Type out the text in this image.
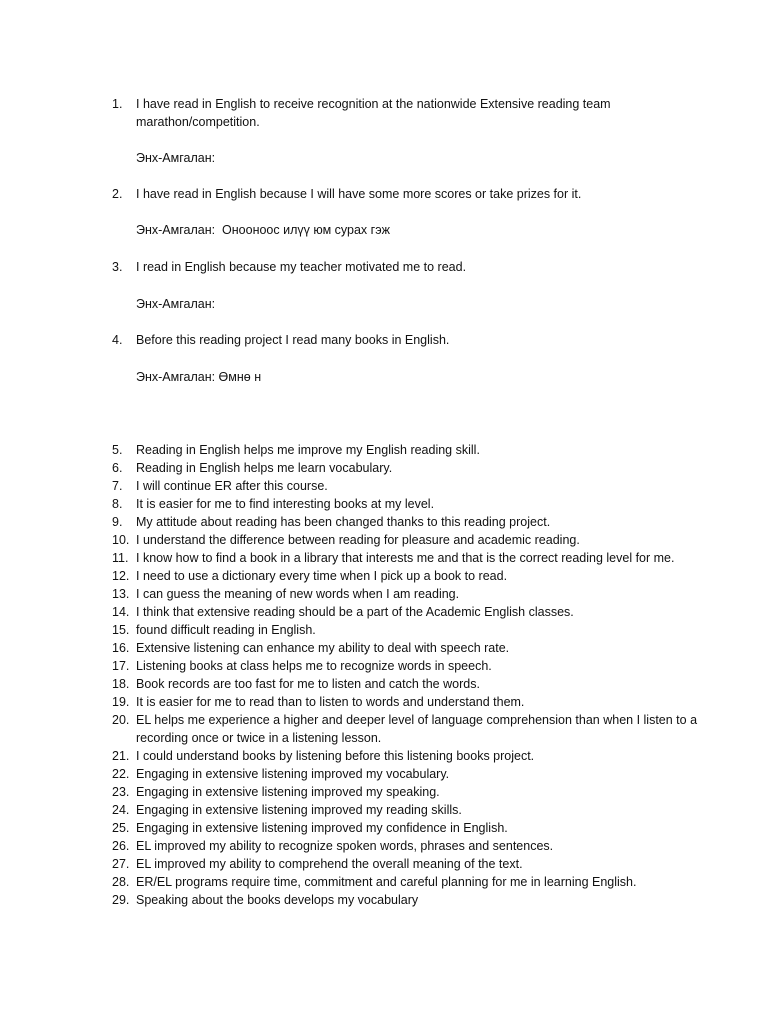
1. I have read in English to receive recognition at the nationwide Extensive reading team marathon/competition.
Энх-Амгалан:
2. I have read in English because I will have some more scores or take prizes for it.
Энх-Амгалан:  Онооноос илүү юм сурах гэж
3. I read in English because my teacher motivated me to read.
Энх-Амгалан:
4. Before this reading project I read many books in English.
Энх-Амгалан: Өмнө н
5. Reading in English helps me improve my English reading skill.
6. Reading in English helps me learn vocabulary.
7. I will continue ER after this course.
8. It is easier for me to find interesting books at my level.
9. My attitude about reading has been changed thanks to this reading project.
10. I understand the difference between reading for pleasure and academic reading.
11. I know how to find a book in a library that interests me and that is the correct reading level for me.
12. I need to use a dictionary every time when I pick up a book to read.
13. I can guess the meaning of new words when I am reading.
14. I think that extensive reading should be a part of the Academic English classes.
15. found difficult reading in English.
16. Extensive listening can enhance my ability to deal with speech rate.
17. Listening books at class helps me to recognize words in speech.
18. Book records are too fast for me to listen and catch the words.
19. It is easier for me to read than to listen to words and understand them.
20. EL helps me experience a higher and deeper level of language comprehension than when I listen to a recording once or twice in a listening lesson.
21. I could understand books by listening before this listening books project.
22. Engaging in extensive listening improved my vocabulary.
23. Engaging in extensive listening improved my speaking.
24. Engaging in extensive listening improved my reading skills.
25. Engaging in extensive listening improved my confidence in English.
26. EL improved my ability to recognize spoken words, phrases and sentences.
27. EL improved my ability to comprehend the overall meaning of the text.
28. ER/EL programs require time, commitment and careful planning for me in learning English.
29. Speaking about the books develops my vocabulary
